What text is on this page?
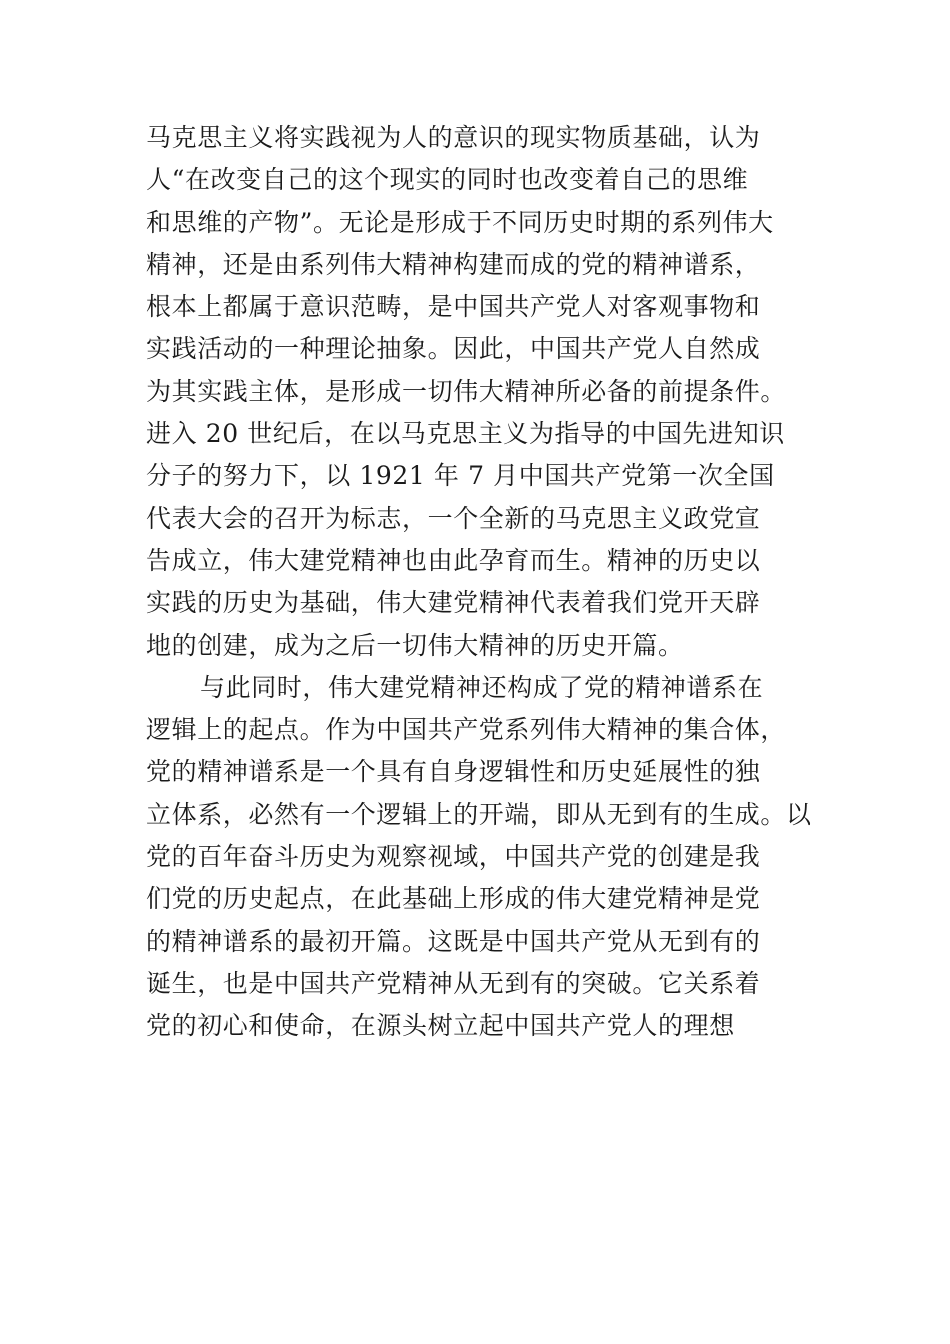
马克思主义将实践视为人的意识的现实物质基础，认为
人“在改变自己的这个现实的同时也改变着自己的思维
和思维的产物”。无论是形成于不同历史时期的系列伟大
精神，还是由系列伟大精神构建而成的党的精神谱系，
根本上都属于意识范畴，是中国共产党人对客观事物和
实践活动的一种理论抽象。因此，中国共产党人自然成
为其实践主体，是形成一切伟大精神所必备的前提条件。
进入 20 世纪后，在以马克思主义为指导的中国先进知识
分子的努力下，以 1921 年 7 月中国共产党第一次全国
代表大会的召开为标志，一个全新的马克思主义政党宣
告成立，伟大建党精神也由此孕育而生。精神的历史以
实践的历史为基础，伟大建党精神代表着我们党开天辟
地的创建，成为之后一切伟大精神的历史开篇。
与此同时，伟大建党精神还构成了党的精神谱系在
逻辑上的起点。作为中国共产党系列伟大精神的集合体，
党的精神谱系是一个具有自身逻辑性和历史延展性的独
立体系，必然有一个逻辑上的开端，即从无到有的生成。以
党的百年奋斗历史为观察视域，中国共产党的创建是我
们党的历史起点，在此基础上形成的伟大建党精神是党
的精神谱系的最初开篇。这既是中国共产党从无到有的
诞生，也是中国共产党精神从无到有的突破。它关系着
党的初心和使命，在源头树立起中国共产党人的理想
